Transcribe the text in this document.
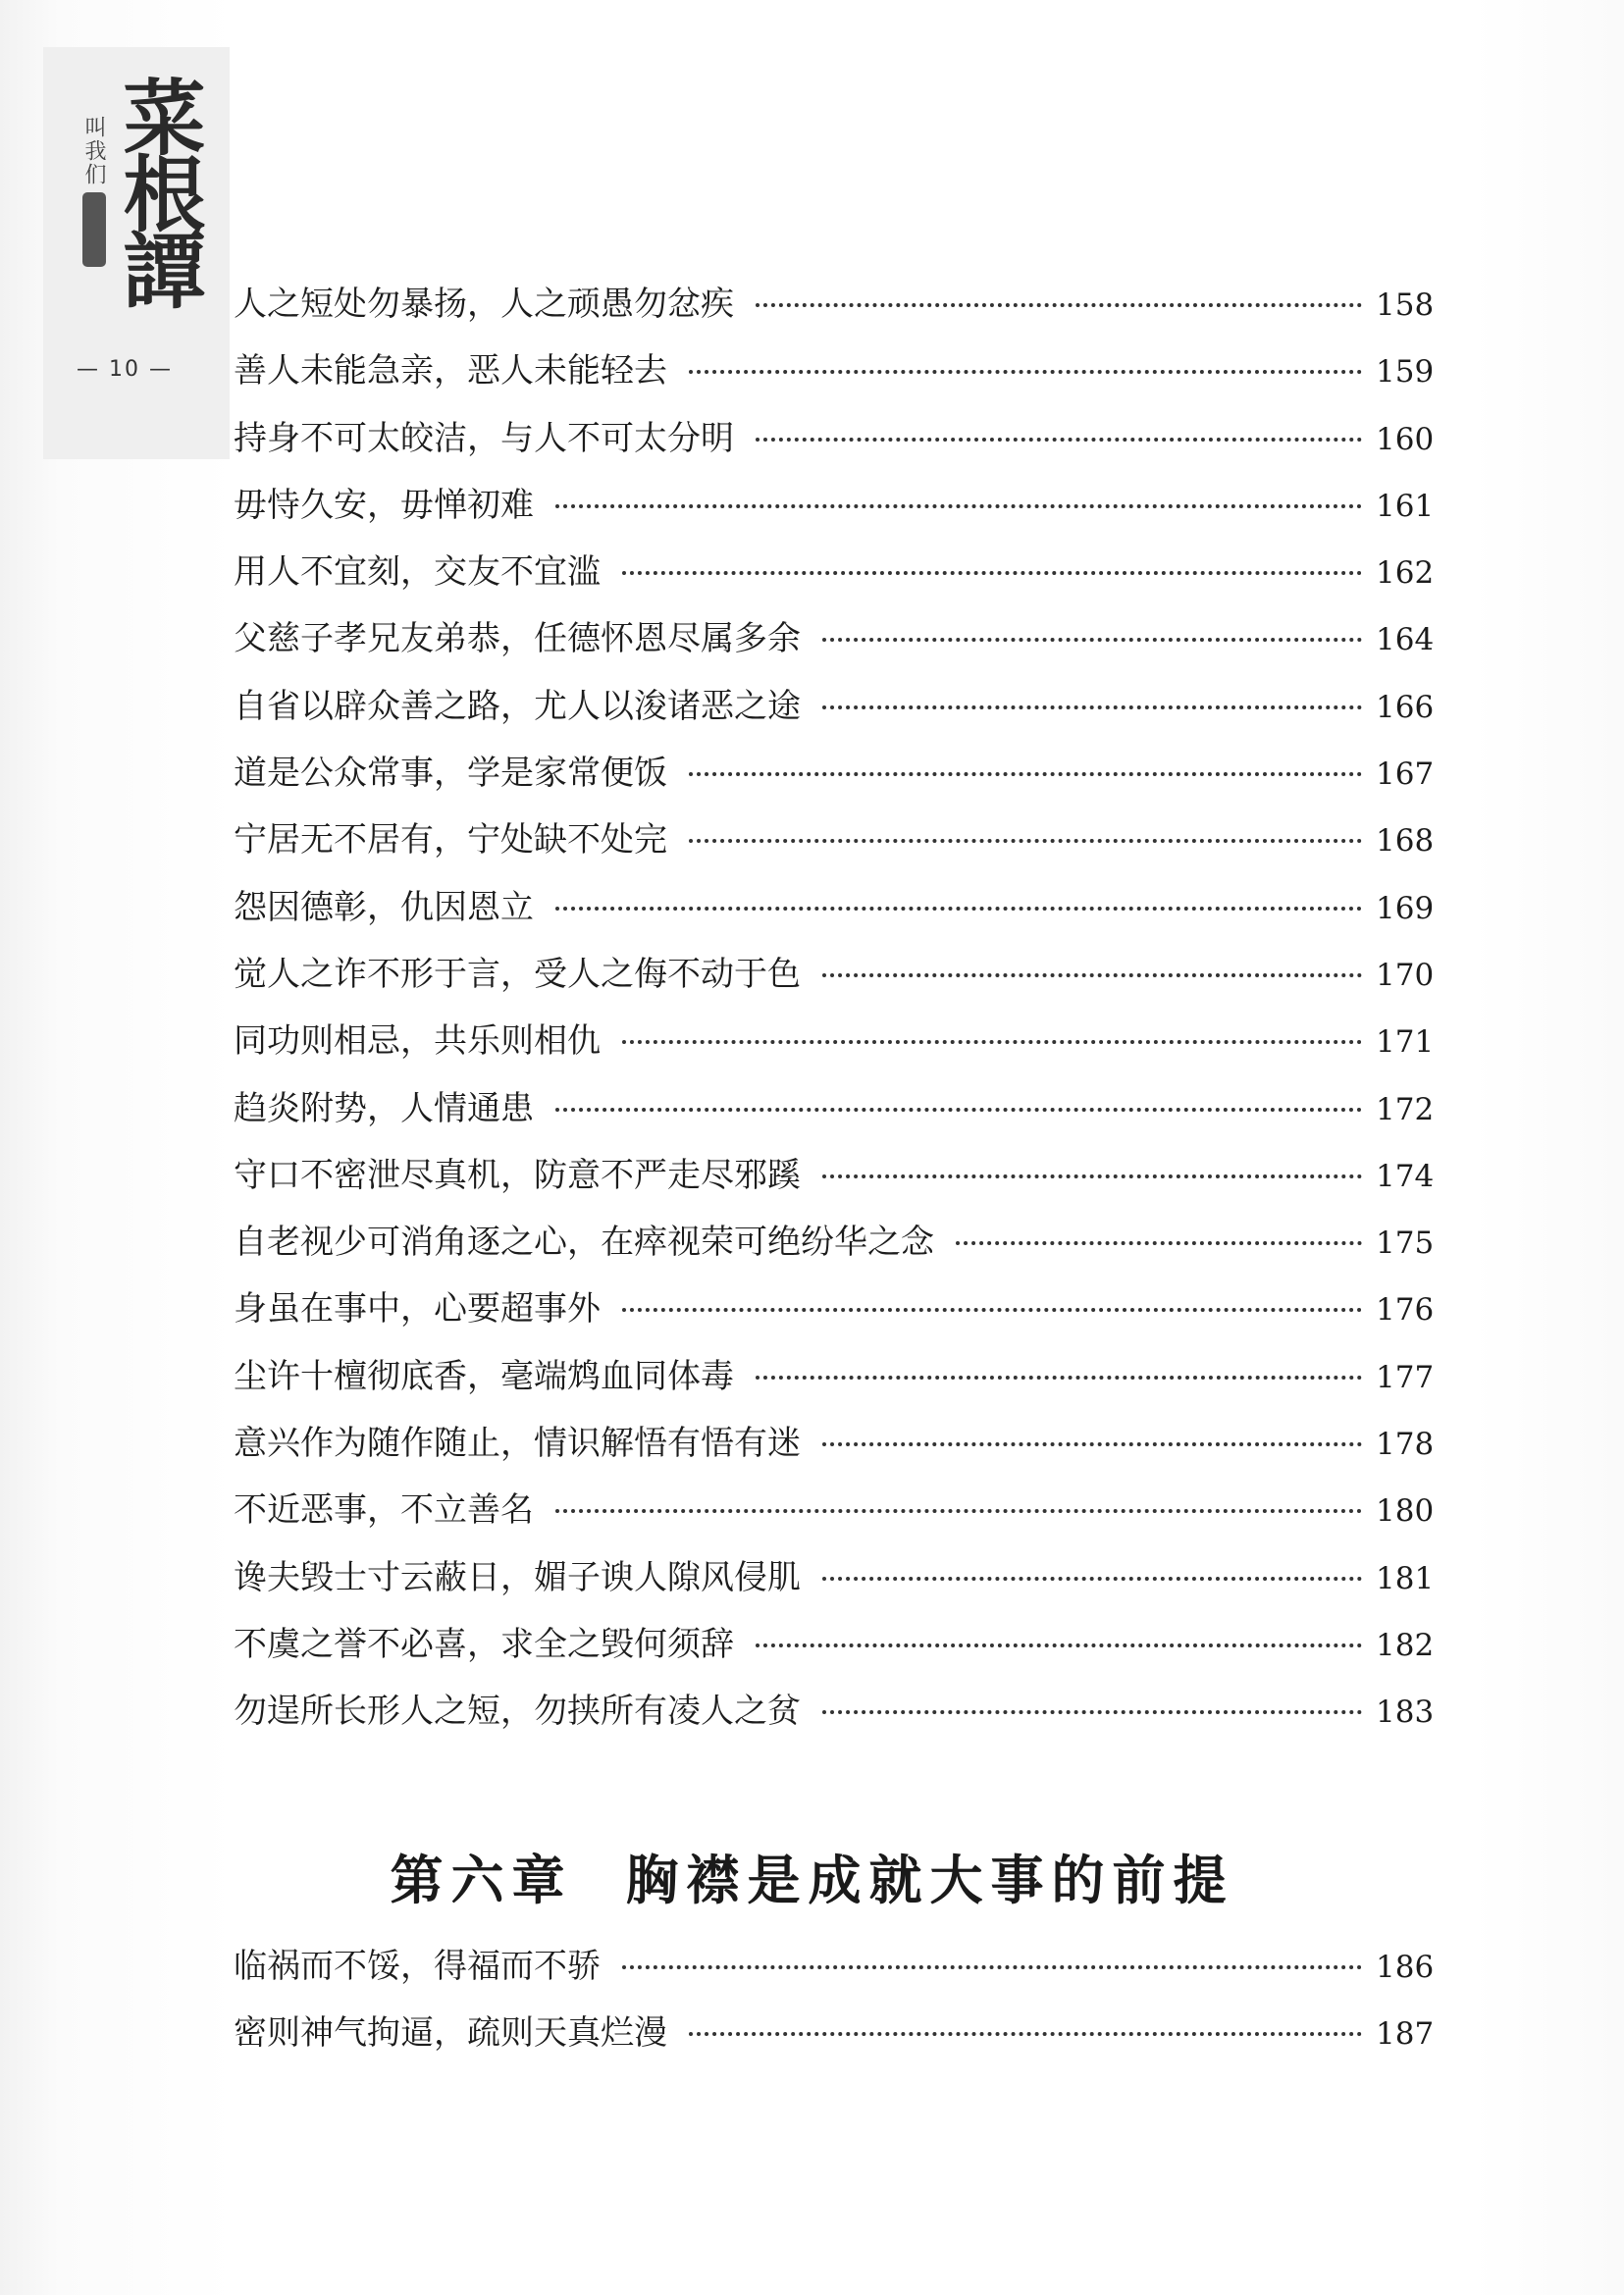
叫我们 菜根譚
— 10 —
人之短处勿暴扬，人之顽愚勿忿疾	158
善人未能急亲，恶人未能轻去	159
持身不可太皎洁，与人不可太分明	160
毋恃久安，毋惮初难	161
用人不宜刻，交友不宜滥	162
父慈子孝兄友弟恭，任德怀恩尽属多余	164
自省以辟众善之路，尤人以浚诸恶之途	166
道是公众常事，学是家常便饭	167
宁居无不居有，宁处缺不处完	168
怨因德彰，仇因恩立	169
觉人之诈不形于言，受人之侮不动于色	170
同功则相忌，共乐则相仇	171
趋炎附势，人情通患	172
守口不密泄尽真机，防意不严走尽邪蹊	174
自老视少可消角逐之心，在瘁视荣可绝纷华之念	175
身虽在事中，心要超事外	176
尘许十檀彻底香，毫端鸩血同体毒	177
意兴作为随作随止，情识解悟有悟有迷	178
不近恶事，不立善名	180
谗夫毁士寸云蔽日，媚子谀人隙风侵肌	181
不虞之誉不必喜，求全之毁何须辞	182
勿逞所长形人之短，勿挟所有凌人之贫	183
第六章 胸襟是成就大事的前提
临祸而不馁，得福而不骄	186
密则神气拘逼，疏则天真烂漫	187
